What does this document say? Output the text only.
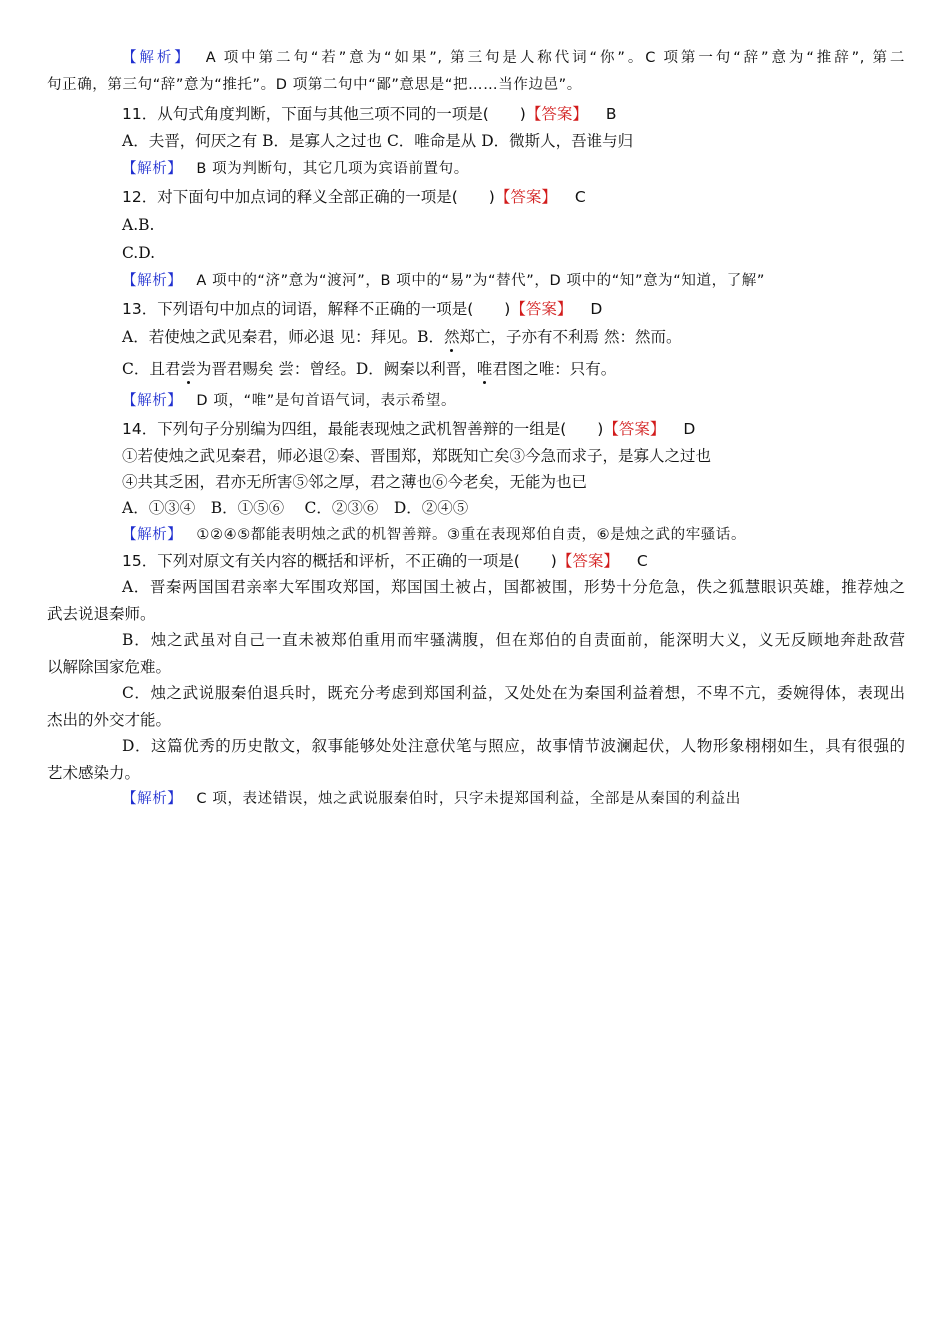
【解析】 A 项中第二句“若”意为“如果”, 第三句是人称代词“你”。C 项第一句“辞”意为“推辞”, 第二
句正确，第三句“辞”意为“推托”。D 项第二句中“鄙”意思是“把……当作边邑”。
11．从句式角度判断，下面与其他三项不同的一项是(　　)【答案】 B
A．夫晋，何厌之有 B．是寡人之过也 C．唯命是从 D．微斯人，吾谁与归
【解析】 B 项为判断句，其它几项为宾语前置句。
12．对下面句中加点词的释义全部正确的一项是(　　)【答案】 C
A.B.
C.D.
【解析】 A 项中的“济”意为“渡河”，B 项中的“易”为“替代”，D 项中的“知”意为“知道，了解”
13．下列语句中加点的词语，解释不正确的一项是(　　)【答案】 D
A．若使烛之武见秦君，师必退 见：拜见。B．然郑亡，子亦有不利焉 然：然而。
C．且君尝为晋君赐矣 尝：曾经。D．阙秦以利晋，唯君图之唯：只有。
【解析】 D 项，“唯”是句首语气词，表示希望。
14．下列句子分别编为四组，最能表现烛之武机智善辩的一组是(　　)【答案】 D
①若使烛之武见秦君，师必退②秦、晋围郑，郑既知亡矣③今急而求子，是寡人之过也
④共其乏困，君亦无所害⑤邻之厚，君之薄也⑥今老矣，无能为也已
A．①③④　B．①⑤⑥　 C．②③⑥　D．②④⑤
【解析】 ①②④⑤都能表明烛之武的机智善辩。③重在表现郑伯自责，⑥是烛之武的牢骚话。
15．下列对原文有关内容的概括和评析，不正确的一项是(　　)【答案】 C
A．晋秦两国国君亲率大军围攻郑国，郑国国土被占，国都被围，形势十分危急，佚之狐慧眼识英雄，推荐烛之
武去说退秦师。
B．烛之武虽对自己一直未被郑伯重用而牢骚满腹，但在郑伯的自责面前，能深明大义，义无反顾地奔赴敌营
以解除国家危难。
C．烛之武说服秦伯退兵时，既充分考虑到郑国利益，又处处在为秦国利益着想，不卑不亢，委婉得体，表现出
杰出的外交才能。
D．这篇优秀的历史散文，叙事能够处处注意伏笔与照应，故事情节波澜起伏，人物形象栩栩如生，具有很强的
艺术感染力。
【解析】 C 项，表述错误，烛之武说服秦伯时，只字未提郑国利益，全部是从秦国的利益出
